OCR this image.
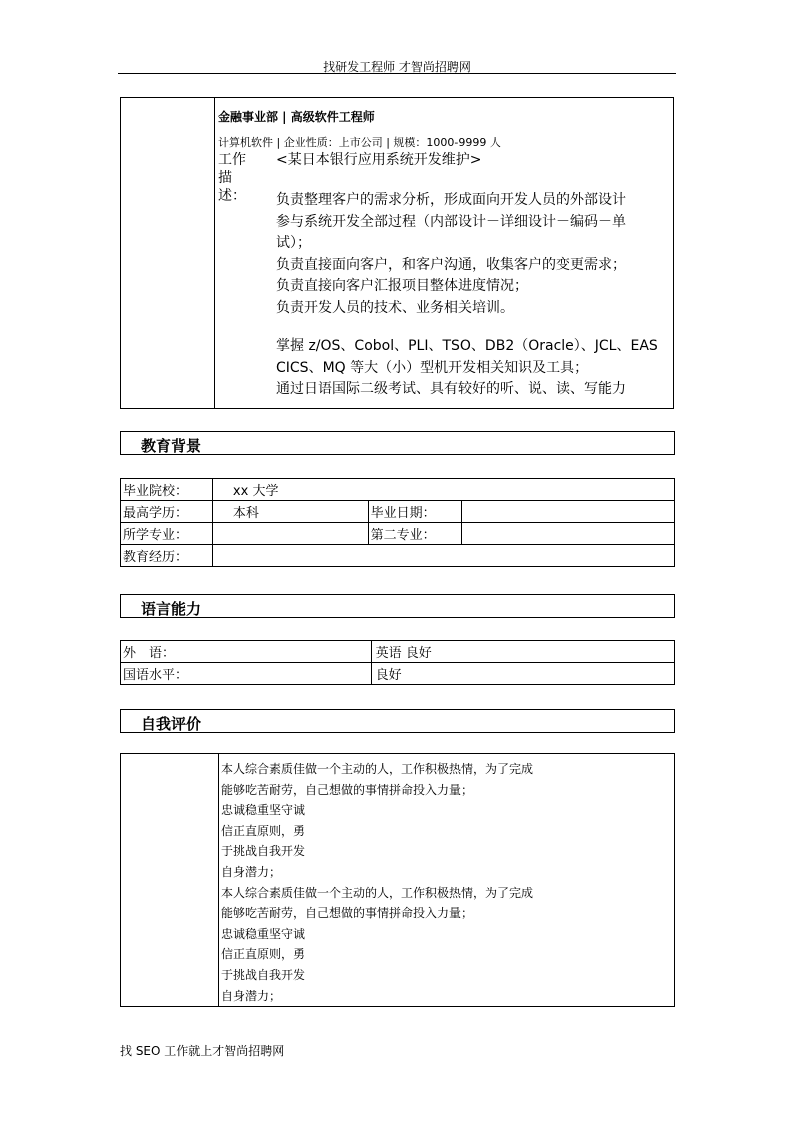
找研发工程师 才智尚招聘网
金融事业部 | 高级软件工程师
计算机软件 | 企业性质：上市公司 | 规模：1000-9999 人
工作描述：
<某日本银行应用系统开发维护>
负责整理客户的需求分析，形成面向开发人员的外部设计
参与系统开发全部过程（内部设计－详细设计－编码－单
试）；
负责直接面向客户，和客户沟通，收集客户的变更需求；
负责直接向客户汇报项目整体进度情况；
负责开发人员的技术、业务相关培训。
掌握 z/OS、Cobol、PLI、TSO、DB2（Oracle）、JCL、EAS
CICS、MQ 等大（小）型机开发相关知识及工具；
通过日语国际二级考试、具有较好的听、说、读、写能力
教育背景
毕业院校：	xx 大学		
最高学历：	本科	毕业日期：	
所学专业：		第二专业：	
教育经历：			
语言能力
外　语：	英语 良好
国语水平：	良好
自我评价
本人综合素质佳做一个主动的人，工作积极热情，为了完成
能够吃苦耐劳，自己想做的事情拼命投入力量；
忠诚稳重坚守诚
信正直原则，勇
于挑战自我开发
自身潜力；
本人综合素质佳做一个主动的人，工作积极热情，为了完成
能够吃苦耐劳，自己想做的事情拼命投入力量；
忠诚稳重坚守诚
信正直原则，勇
于挑战自我开发
自身潜力；
找 SEO 工作就上才智尚招聘网
